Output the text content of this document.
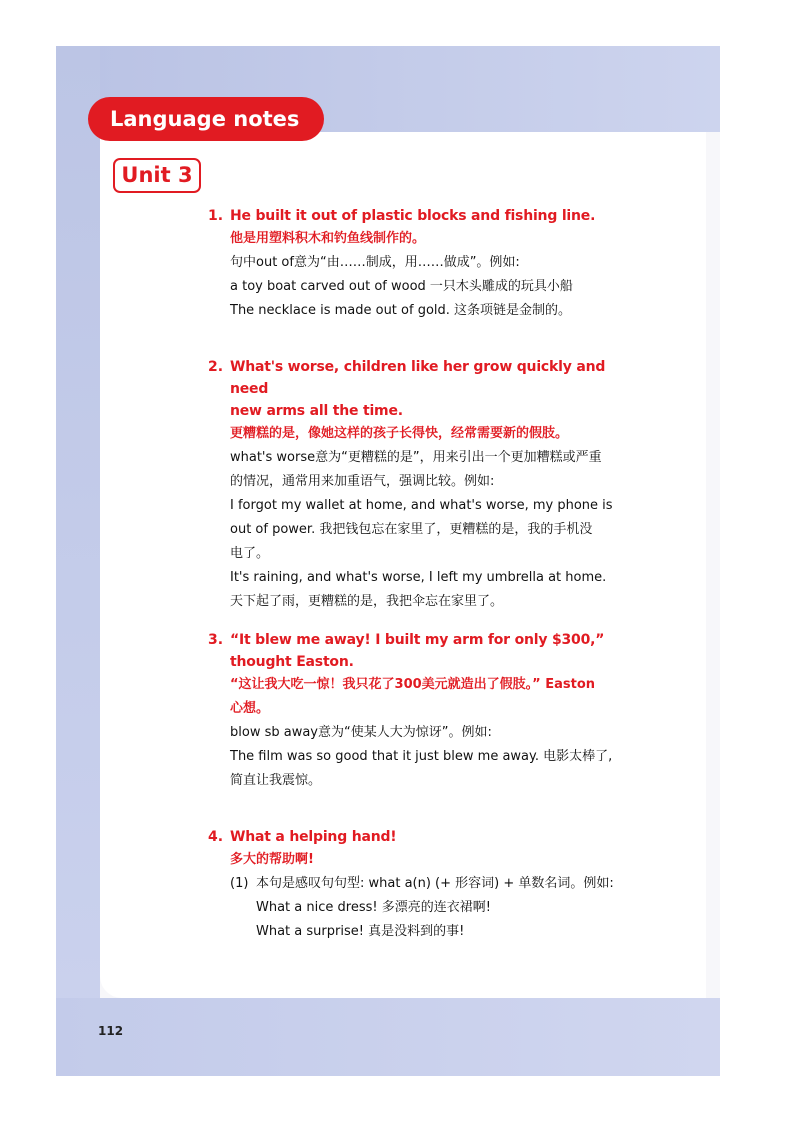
Language notes
Unit 3
1. He built it out of plastic blocks and fishing line.
他是用塑料积木和钓鱼线制作的。
句中out of意为“由……制成，用……做成”。例如:
a toy boat carved out of wood 一只木头雕成的玩具小船
The necklace is made out of gold. 这条项链是金制的。
2. What's worse, children like her grow quickly and need
new arms all the time.
更糟糕的是，像她这样的孩子长得快，经常需要新的假肢。
what's worse意为“更糟糕的是”，用来引出一个更加糟糕或严重
的情况，通常用来加重语气，强调比较。例如:
I forgot my wallet at home, and what's worse, my phone is
out of power. 我把钱包忘在家里了，更糟糕的是，我的手机没
电了。
It's raining, and what's worse, I left my umbrella at home.
天下起了雨，更糟糕的是，我把伞忘在家里了。
3. “It blew me away! I built my arm for only $300,”
thought Easton.
“这让我大吃一惊！我只花了300美元就造出了假肢。” Easton
心想。
blow sb away意为“使某人大为惊讶”。例如:
The film was so good that it just blew me away. 电影太棒了,
简直让我震惊。
4. What a helping hand!
多大的帮助啊!
(1) 本句是感叹句句型: what a(n) (+ 形容词) + 单数名词。例如:
What a nice dress! 多漂亮的连衣裙啊!
What a surprise! 真是没料到的事!
112
